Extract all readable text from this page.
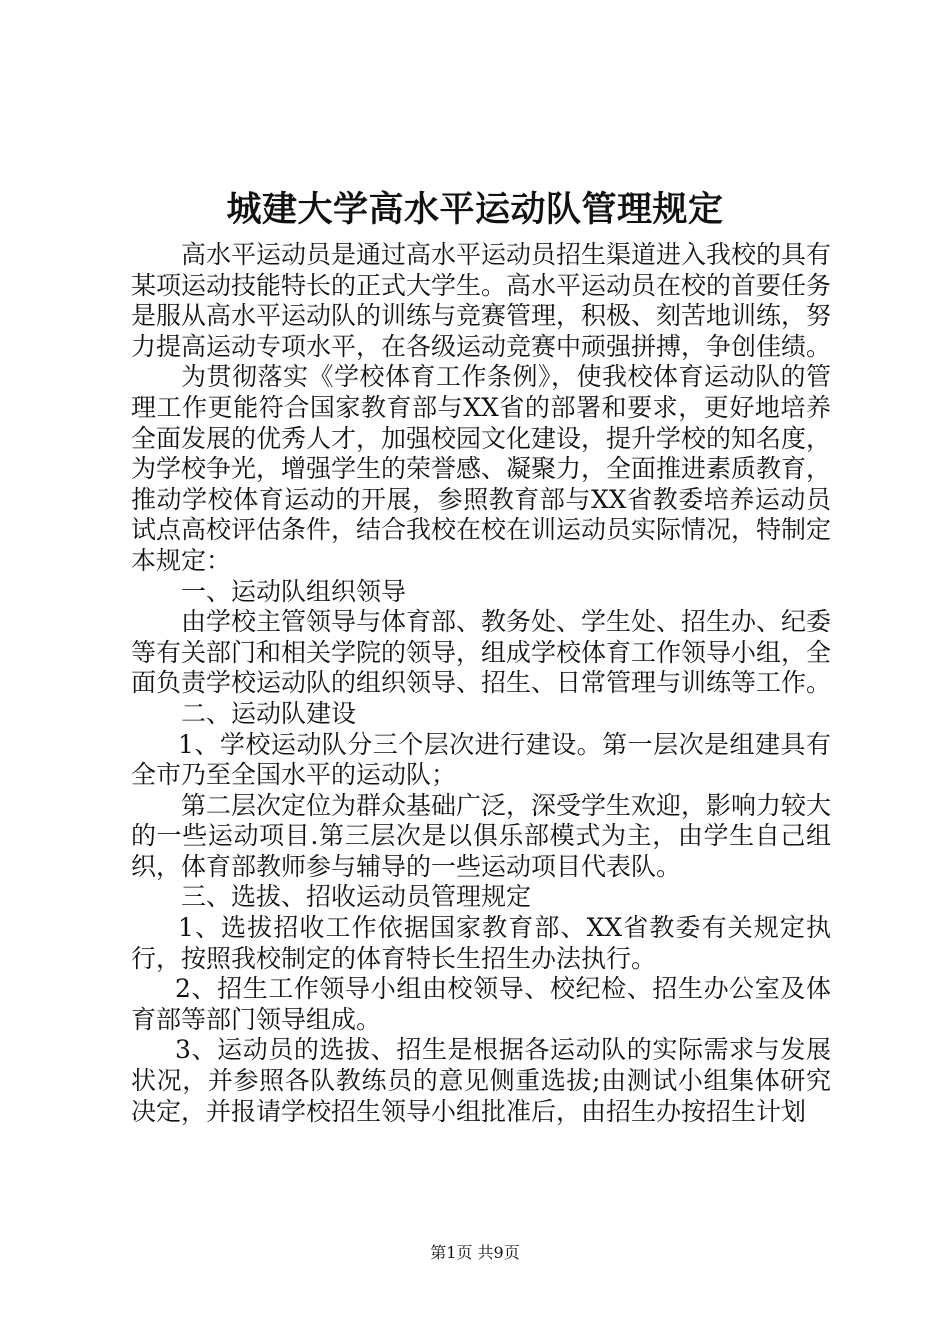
城建大学高水平运动队管理规定

高水平运动员是通过高水平运动员招生渠道进入我校的具有某项运动技能特长的正式大学生。高水平运动员在校的首要任务是服从高水平运动队的训练与竞赛管理，积极、刻苦地训练，努力提高运动专项水平，在各级运动竞赛中顽强拼搏，争创佳绩。

为贯彻落实《学校体育工作条例》，使我校体育运动队的管理工作更能符合国家教育部与XX省的部署和要求，更好地培养全面发展的优秀人才，加强校园文化建设，提升学校的知名度，为学校争光，增强学生的荣誉感、凝聚力，全面推进素质教育，推动学校体育运动的开展，参照教育部与XX省教委培养运动员试点高校评估条件，结合我校在校在训运动员实际情况，特制定本规定：

一、运动队组织领导

由学校主管领导与体育部、教务处、学生处、招生办、纪委等有关部门和相关学院的领导，组成学校体育工作领导小组，全面负责学校运动队的组织领导、招生、日常管理与训练等工作。

二、运动队建设

1、学校运动队分三个层次进行建设。第一层次是组建具有全市乃至全国水平的运动队；

第二层次定位为群众基础广泛，深受学生欢迎，影响力较大的一些运动项目.第三层次是以俱乐部模式为主，由学生自己组织，体育部教师参与辅导的一些运动项目代表队。

三、选拔、招收运动员管理规定

1、选拔招收工作依据国家教育部、XX省教委有关规定执行，按照我校制定的体育特长生招生办法执行。

2、招生工作领导小组由校领导、校纪检、招生办公室及体育部等部门领导组成。

3、运动员的选拔、招生是根据各运动队的实际需求与发展状况，并参照各队教练员的意见侧重选拔;由测试小组集体研究决定，并报请学校招生领导小组批准后，由招生办按招生计划

第1页 共9页
